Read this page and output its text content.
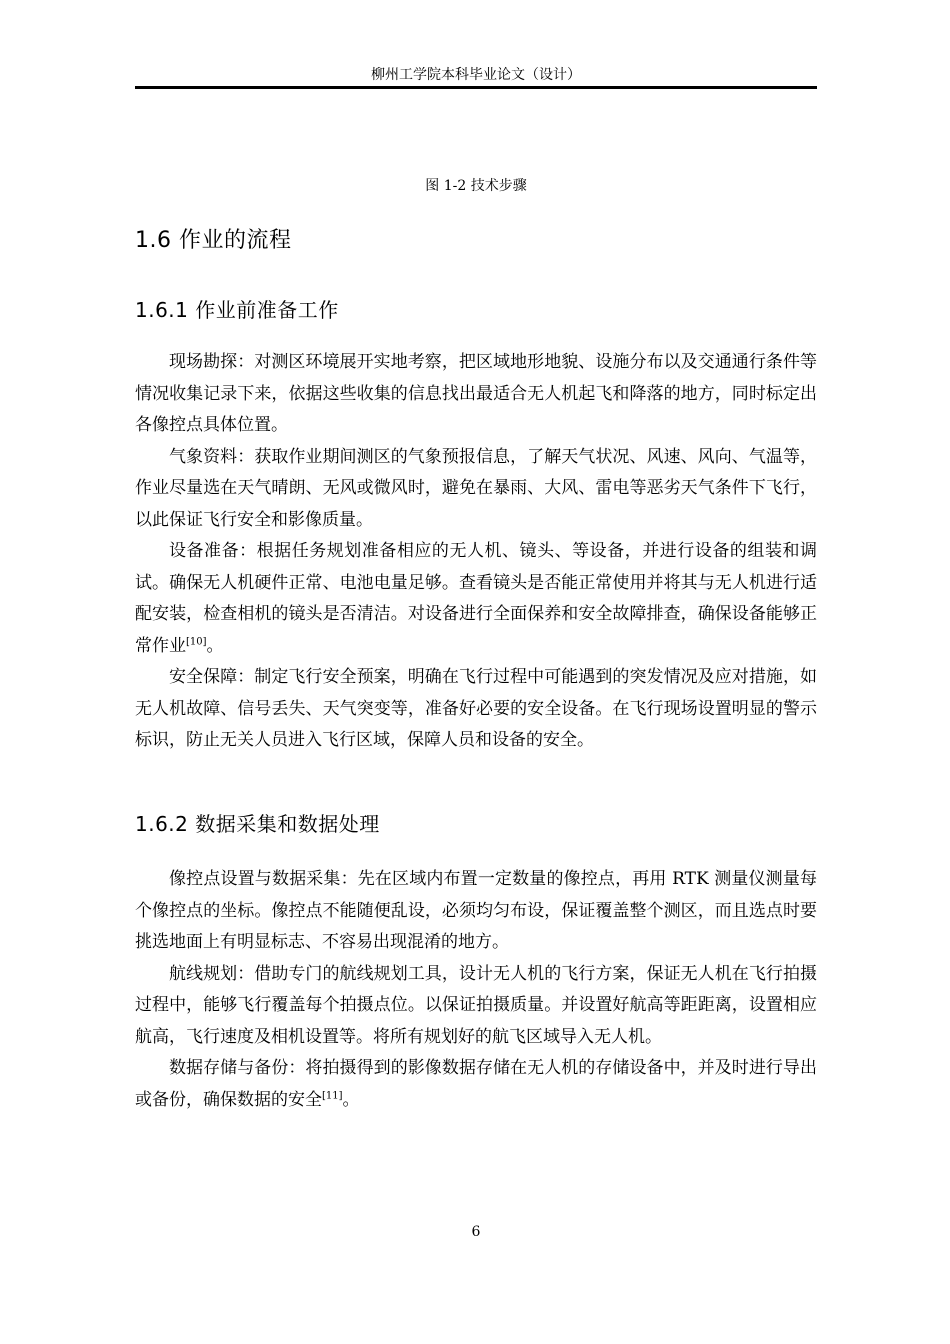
柳州工学院本科毕业论文（设计）
图 1-2 技术步骤
1.6 作业的流程
1.6.1 作业前准备工作

现场勘探：对测区环境展开实地考察，把区域地形地貌、设施分布以及交通通行条件等情况收集记录下来，依据这些收集的信息找出最适合无人机起飞和降落的地方，同时标定出各像控点具体位置。

气象资料：获取作业期间测区的气象预报信息，了解天气状况、风速、风向、气温等，作业尽量选在天气晴朗、无风或微风时，避免在暴雨、大风、雷电等恶劣天气条件下飞行，以此保证飞行安全和影像质量。

设备准备：根据任务规划准备相应的无人机、镜头、等设备，并进行设备的组装和调试。确保无人机硬件正常、电池电量足够。查看镜头是否能正常使用并将其与无人机进行适配安装，检查相机的镜头是否清洁。对设备进行全面保养和安全故障排查，确保设备能够正常作业[10]。

安全保障：制定飞行安全预案，明确在飞行过程中可能遇到的突发情况及应对措施，如无人机故障、信号丢失、天气突变等，准备好必要的安全设备。在飞行现场设置明显的警示标识，防止无关人员进入飞行区域，保障人员和设备的安全。

1.6.2 数据采集和数据处理

像控点设置与数据采集：先在区域内布置一定数量的像控点，再用 RTK 测量仪测量每个像控点的坐标。像控点不能随便乱设，必须均匀布设，保证覆盖整个测区，而且选点时要挑选地面上有明显标志、不容易出现混淆的地方。

航线规划：借助专门的航线规划工具，设计无人机的飞行方案，保证无人机在飞行拍摄过程中，能够飞行覆盖每个拍摄点位。以保证拍摄质量。并设置好航高等距距离，设置相应航高，飞行速度及相机设置等。将所有规划好的航飞区域导入无人机。

数据存储与备份：将拍摄得到的影像数据存储在无人机的存储设备中，并及时进行导出或备份，确保数据的安全[11]。

6
